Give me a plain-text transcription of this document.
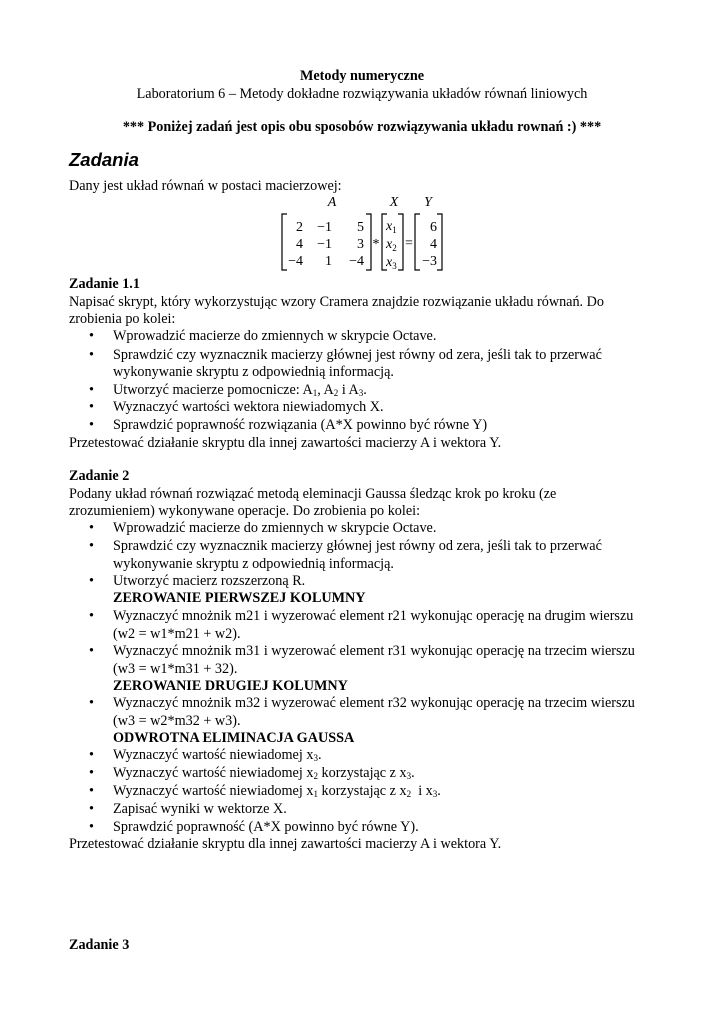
Metody numeryczne
Laboratorium 6 – Metody dokładne rozwiązywania układów równań liniowych
*** Poniżej zadań jest opis obu sposobów rozwiązywania układu rownań :) ***
Zadania
Dany jest układ równań w postaci macierzowej:
A	X Y
2 −1 5
4 −1 3
−4 1 −4
*
$x_1$
$x_2$
$x_3$
=
6
4
−3
Zadanie 1.1
Napisać skrypt, który wykorzystując wzory Cramera znajdzie rozwiązanie układu równań. Do
zrobienia po kolei:
• Wprowadzić macierze do zmiennych w skrypcie Octave.
• Sprawdzić czy wyznacznik macierzy głównej jest równy od zera, jeśli tak to przerwać
wykonywanie skryptu z odpowiednią informacją.
• Utworzyć macierze pomocnicze: $A_1$, $A_2$ i $A_3$.
• Wyznaczyć wartości wektora niewiadomych X.
• Sprawdzić poprawność rozwiązania (A*X powinno być równe Y)
Przetestować działanie skryptu dla innej zawartości macierzy A i wektora Y.
Zadanie 2
Podany układ równań rozwiązać metodą eleminacji Gaussa śledząc krok po kroku (ze
zrozumieniem) wykonywane operacje. Do zrobienia po kolei:
• Wprowadzić macierze do zmiennych w skrypcie Octave.
• Sprawdzić czy wyznacznik macierzy głównej jest równy od zera, jeśli tak to przerwać
wykonywanie skryptu z odpowiednią informacją.
• Utworzyć macierz rozszerzoną R.
ZEROWANIE PIERWSZEJ KOLUMNY
• Wyznaczyć mnożnik m21 i wyzerować element r21 wykonując operację na drugim wierszu
(w2 = w1*m21 + w2).
• Wyznaczyć mnożnik m31 i wyzerować element r31 wykonując operację na trzecim wierszu
(w3 = w1*m31 + 32).
ZEROWANIE DRUGIEJ KOLUMNY
• Wyznaczyć mnożnik m32 i wyzerować element r32 wykonując operację na trzecim wierszu
(w3 = w2*m32 + w3).
ODWROTNA ELIMINACJA GAUSSA
• Wyznaczyć wartość niewiadomej $x_3$.
• Wyznaczyć wartość niewiadomej $x_2$ korzystając z $x_3$.
• Wyznaczyć wartość niewiadomej $x_1$ korzystając z $x_2$  i $x_3$.
• Zapisać wyniki w wektorze X.
• Sprawdzić poprawność (A*X powinno być równe Y).
Przetestować działanie skryptu dla innej zawartości macierzy A i wektora Y.
Zadanie 3
